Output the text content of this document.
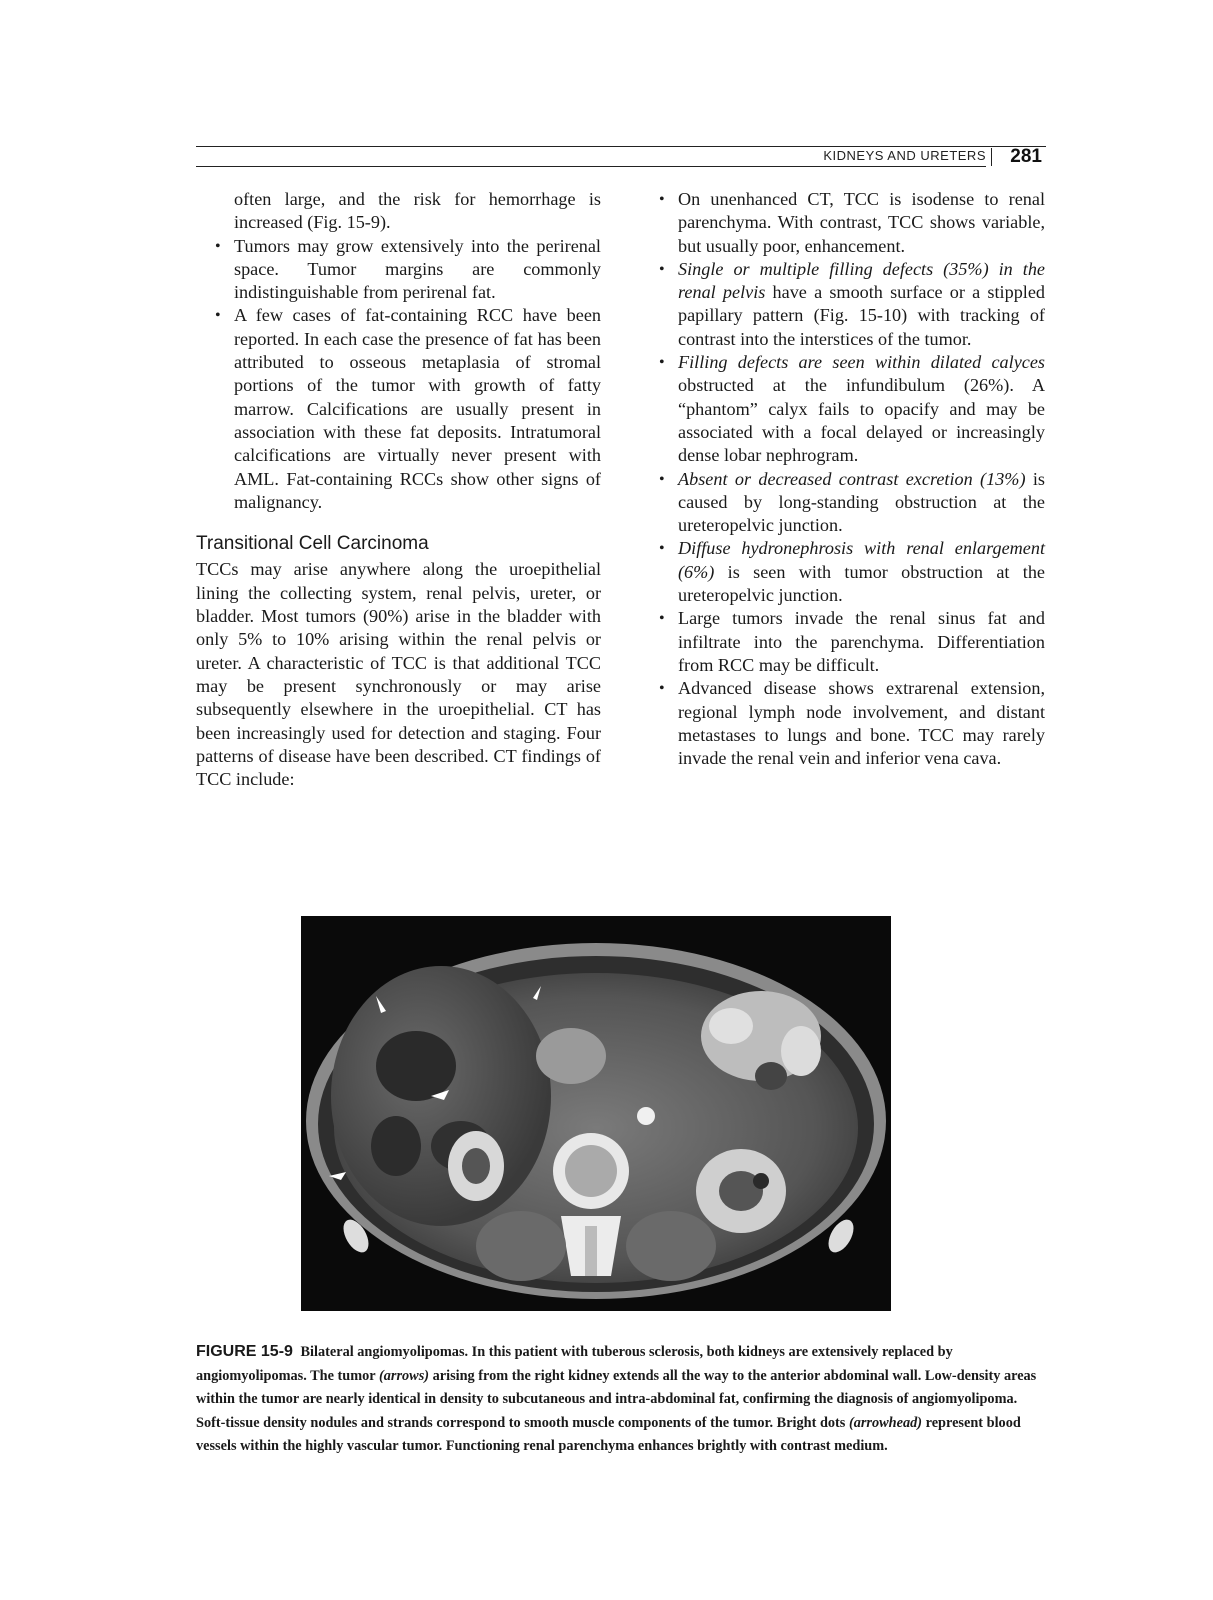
KIDNEYS AND URETERS 281

often large, and the risk for hemorrhage is increased (Fig. 15-9).

• Tumors may grow extensively into the perirenal space. Tumor margins are commonly indistinguishable from perirenal fat.
• A few cases of fat-containing RCC have been reported. In each case the presence of fat has been attributed to osseous metaplasia of stromal portions of the tumor with growth of fatty marrow. Calcifications are usually present in association with these fat deposits. Intratumoral calcifications are virtually never present with AML. Fat-containing RCCs show other signs of malignancy.
Transitional Cell Carcinoma

TCCs may arise anywhere along the uroepithelial lining the collecting system, renal pelvis, ureter, or bladder. Most tumors (90%) arise in the bladder with only 5% to 10% arising within the renal pelvis or ureter. A characteristic of TCC is that additional TCC may be present synchronously or may arise subsequently elsewhere in the uroepithelial. CT has been increasingly used for detection and staging. Four patterns of disease have been described. CT findings of TCC include:

• On unenhanced CT, TCC is isodense to renal parenchyma. With contrast, TCC shows variable, but usually poor, enhancement.
• Single or multiple filling defects (35%) in the renal pelvis have a smooth surface or a stippled papillary pattern (Fig. 15-10) with tracking of contrast into the interstices of the tumor.
• Filling defects are seen within dilated calyces obstructed at the infundibulum (26%). A “phantom” calyx fails to opacify and may be associated with a focal delayed or increasingly dense lobar nephrogram.
• Absent or decreased contrast excretion (13%) is caused by long-standing obstruction at the ureteropelvic junction.
• Diffuse hydronephrosis with renal enlargement (6%) is seen with tumor obstruction at the ureteropelvic junction.
• Large tumors invade the renal sinus fat and infiltrate into the parenchyma. Differentiation from RCC may be difficult.
• Advanced disease shows extrarenal extension, regional lymph node involvement, and distant metastases to lungs and bone. TCC may rarely invade the renal vein and inferior vena cava.
FIGURE 15-9 Bilateral angiomyolipomas. In this patient with tuberous sclerosis, both kidneys are extensively replaced by angiomyolipomas. The tumor (arrows) arising from the right kidney extends all the way to the anterior abdominal wall. Low-density areas within the tumor are nearly identical in density to subcutaneous and intra-abdominal fat, confirming the diagnosis of angiomyolipoma. Soft-tissue density nodules and strands correspond to smooth muscle components of the tumor. Bright dots (arrowhead) represent blood vessels within the highly vascular tumor. Functioning renal parenchyma enhances brightly with contrast medium.
